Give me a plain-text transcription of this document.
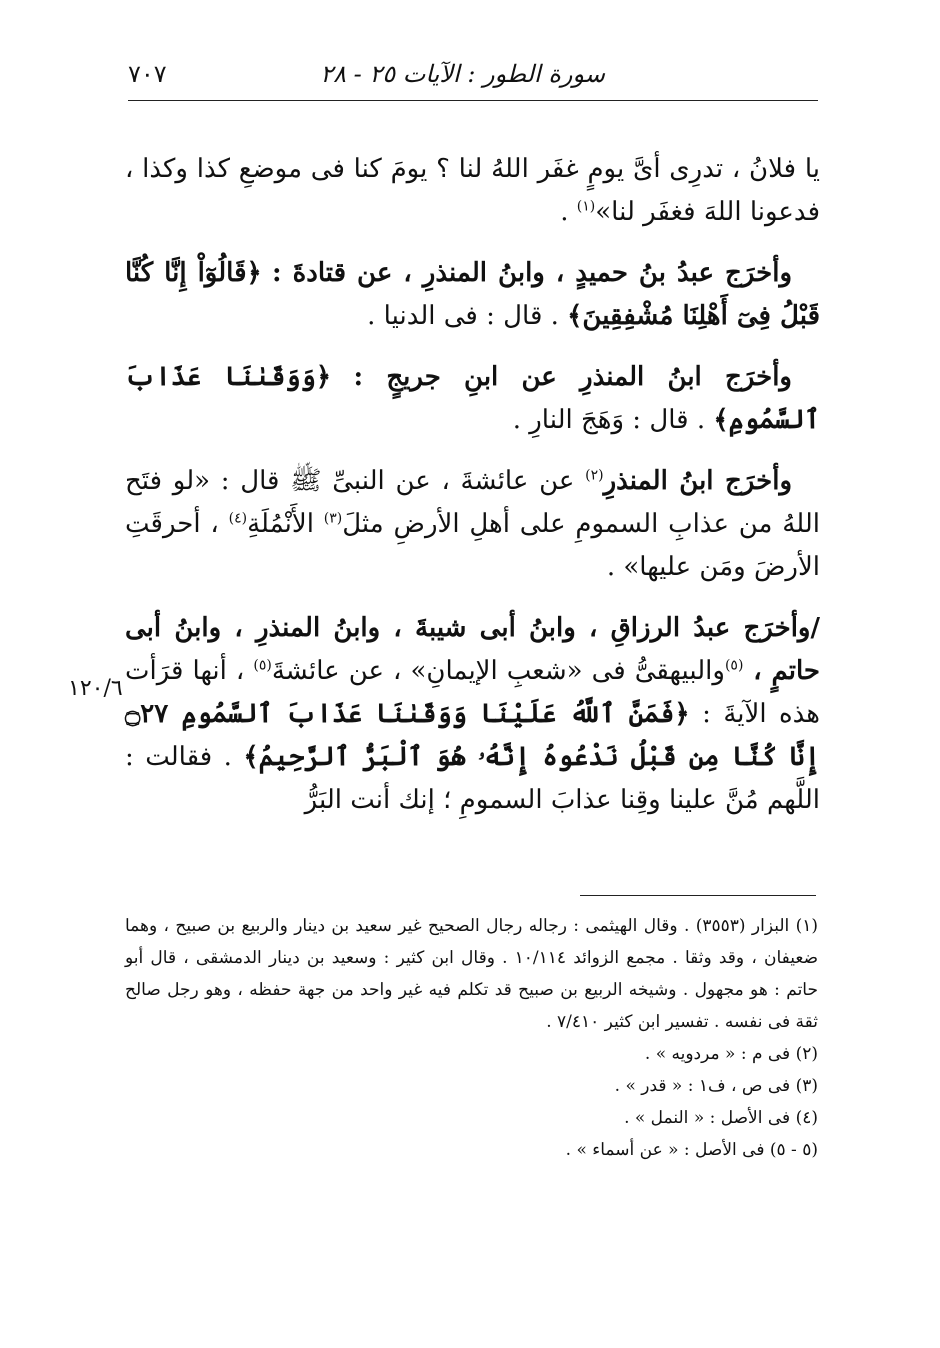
٧٠٧	سورة الطور : الآيات ٢٥ - ٢٨
١٢٠/٦

يا فلانُ ، تدرِى أىَّ يومٍ غفَر اللهُ لنا ؟ يومَ كنا فى موضعِ كذا وكذا ، فدعونا اللهَ فغفَر لنا»$^{(١)}$ .

وأخرَج عبدُ بنُ حميدٍ ، وابنُ المنذرِ ، عن قتادةَ : ﴿قَالُوٓاْ إِنَّا كُنَّا قَبْلُ فِىٓ أَهْلِنَا مُشْفِقِينَ﴾ . قال : فى الدنيا .

وأخرَج ابنُ المنذرِ عن ابنِ جريجٍ : ﴿وَوَقَىٰنَا عَذَابَ ٱلسَّمُومِ﴾ . قال : وَهَجَ النارِ .

وأخرَج ابنُ المنذرِ$^{(٢)}$ عن عائشةَ ، عن النبىِّ ﷺ قال : «لو فتَح اللهُ من عذابِ السمومِ على أهلِ الأرضِ مثلَ$^{(٣)}$ الأَنْمُلَةِ$^{(٤)}$ ، أحرقَتِ الأرضَ ومَن عليها» .

/وأخرَج عبدُ الرزاقِ ، وابنُ أبى شيبةَ ، وابنُ المنذرِ ، وابنُ أبى حاتمٍ ، $^{(٥)}$والبيهقىُّ فى «شعبِ الإيمانِ» ، عن عائشةَ$^{(٥)}$ ، أنها قرَأت هذه الآيةَ : ﴿فَمَنَّ ٱللَّهُ عَلَيْنَا وَوَقَىٰنَا عَذَابَ ٱلسَّمُومِ ۝٢٧ إِنَّا كُنَّا مِن قَبْلُ نَدْعُوهُ إِنَّهُۥ هُوَ ٱلْبَرُّ ٱلرَّحِيمُ﴾ . فقالت : اللَّهم مُنَّ علينا وقِنا عذابَ السمومِ ؛ إنك أنت البَرُّ

(١) البزار (٣٥٥٣) . وقال الهيثمى : رجاله رجال الصحيح غير سعيد بن دينار والربيع بن صبيح ، وهما ضعيفان ، وقد وثقا . مجمع الزوائد ١٠/١١٤ . وقال ابن كثير : وسعيد بن دينار الدمشقى ، قال أبو حاتم : هو مجهول . وشيخه الربيع بن صبيح قد تكلم فيه غير واحد من جهة حفظه ، وهو رجل صالح ثقة فى نفسه . تفسير ابن كثير ٧/٤١٠ .

(٢) فى م : « مردويه » .

(٣) فى ص ، ف١ : « قدر » .

(٤) فى الأصل : « النمل » .

(٥ - ٥) فى الأصل : « عن أسماء » .
